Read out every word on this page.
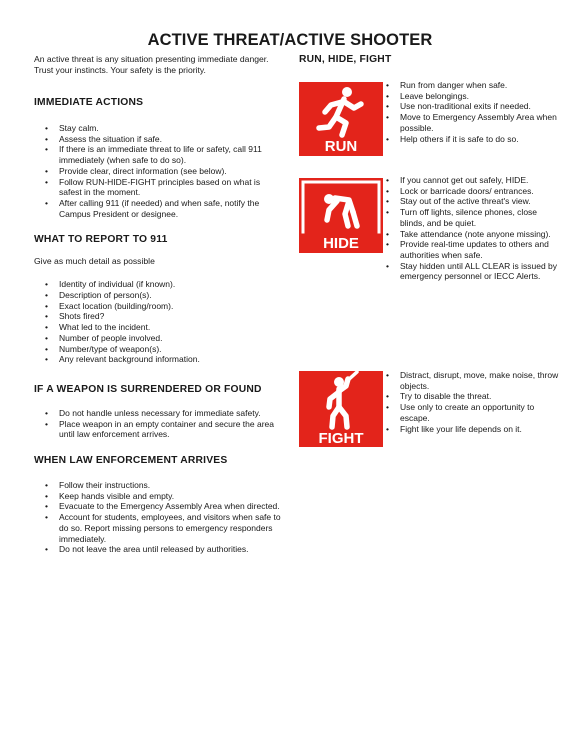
ACTIVE THREAT/ACTIVE SHOOTER

An active threat is any situation presenting immediate danger. Trust your instincts. Your safety is the priority.

IMMEDIATE ACTIONS
• Stay calm.
• Assess the situation if safe.
• If there is an immediate threat to life or safety, call 911 immediately (when safe to do so).
• Provide clear, direct information (see below).
• Follow RUN-HIDE-FIGHT principles based on what is safest in the moment.
• After calling 911 (if needed) and when safe, notify the Campus President or designee.
WHAT TO REPORT TO 911

Give as much detail as possible

• Identity of individual (if known).
• Description of person(s).
• Exact location (building/room).
• Shots fired?
• What led to the incident.
• Number of people involved.
• Number/type of weapon(s).
• Any relevant background information.
IF A WEAPON IS SURRENDERED OR FOUND
• Do not handle unless necessary for immediate safety.
• Place weapon in an empty container and secure the area until law enforcement arrives.
WHEN LAW ENFORCEMENT ARRIVES
• Follow their instructions.
• Keep hands visible and empty.
• Evacuate to the Emergency Assembly Area when directed.
• Account for students, employees, and visitors when safe to do so. Report missing persons to emergency responders immediately.
• Do not leave the area until released by authorities.
RUN, HIDE, FIGHT
RUN
• Run from danger when safe.
• Leave belongings.
• Use non-traditional exits if needed.
• Move to Emergency Assembly Area when possible.
• Help others if it is safe to do so.
HIDE
• If you cannot get out safely, HIDE.
• Lock or barricade doors/ entrances.
• Stay out of the active threat's view.
• Turn off lights, silence phones, close blinds, and be quiet.
• Take attendance (note anyone missing).
• Provide real-time updates to others and authorities when safe.
• Stay hidden until ALL CLEAR is issued by emergency personnel or IECC Alerts.
FIGHT
• Distract, disrupt, move, make noise, throw objects.
• Try to disable the threat.
• Use only to create an opportunity to escape.
• Fight like your life depends on it.
